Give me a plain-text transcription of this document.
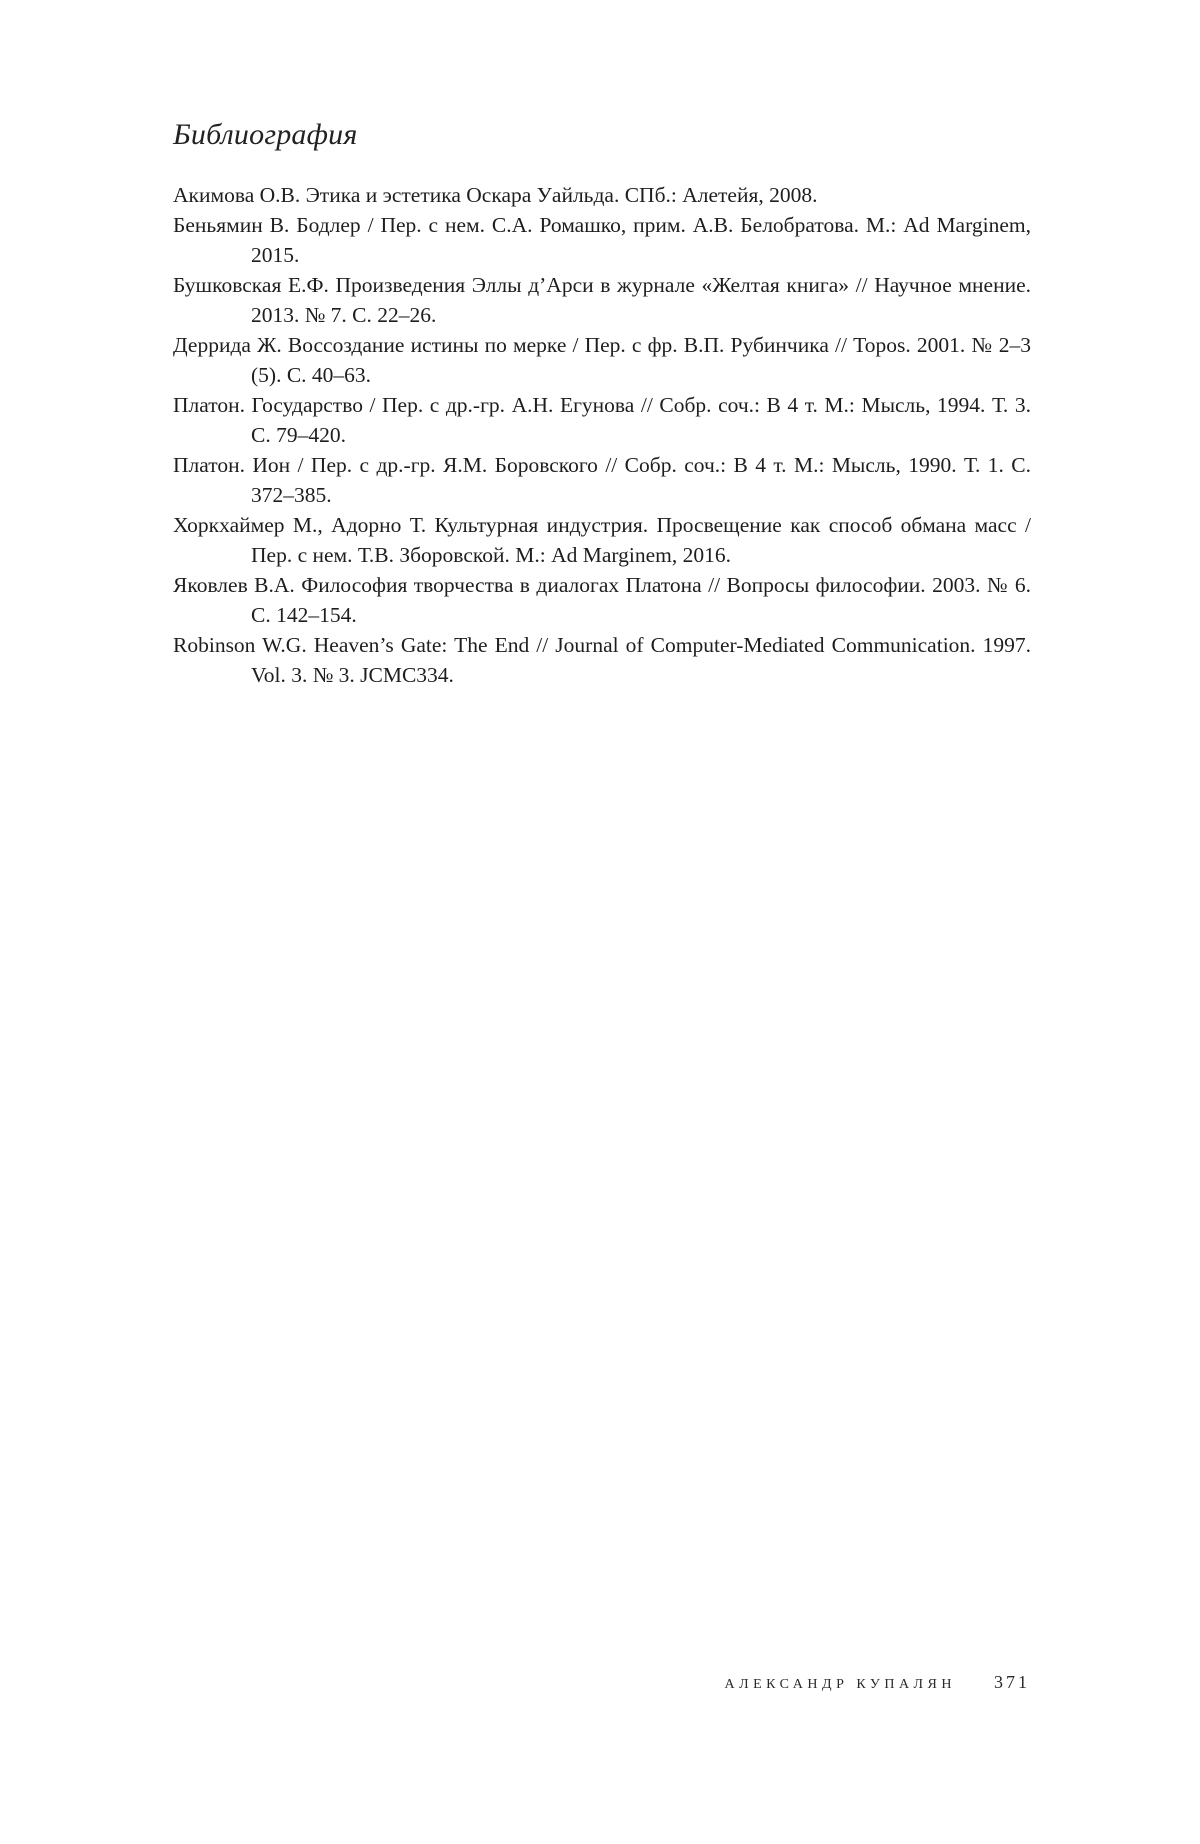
Библиография
Акимова О.В. Этика и эстетика Оскара Уайльда. СПб.: Алетейя, 2008.
Беньямин В. Бодлер / Пер. с нем. С.А. Ромашко, прим. А.В. Белобратова. М.: Ad Marginem, 2015.
Бушковская Е.Ф. Произведения Эллы д’Арси в журнале «Желтая книга» // Научное мнение. 2013. № 7. С. 22–26.
Деррида Ж. Воссоздание истины по мерке / Пер. с фр. В.П. Рубинчика // Topos. 2001. № 2–3 (5). С. 40–63.
Платон. Государство / Пер. с др.-гр. А.Н. Егунова // Собр. соч.: В 4 т. М.: Мысль, 1994. Т. 3. С. 79–420.
Платон. Ион / Пер. с др.-гр. Я.М. Боровского // Собр. соч.: В 4 т. М.: Мысль, 1990. Т. 1. С. 372–385.
Хоркхаймер М., Адорно Т. Культурная индустрия. Просвещение как способ обмана масс / Пер. с нем. Т.В. Зборовской. М.: Ad Marginem, 2016.
Яковлев В.А. Философия творчества в диалогах Платона // Вопросы философии. 2003. № 6. С. 142–154.
Robinson W.G. Heaven’s Gate: The End // Journal of Computer-Mediated Communication. 1997. Vol. 3. № 3. JCMC334.
АЛЕКСАНДР КУПАЛЯН 371
